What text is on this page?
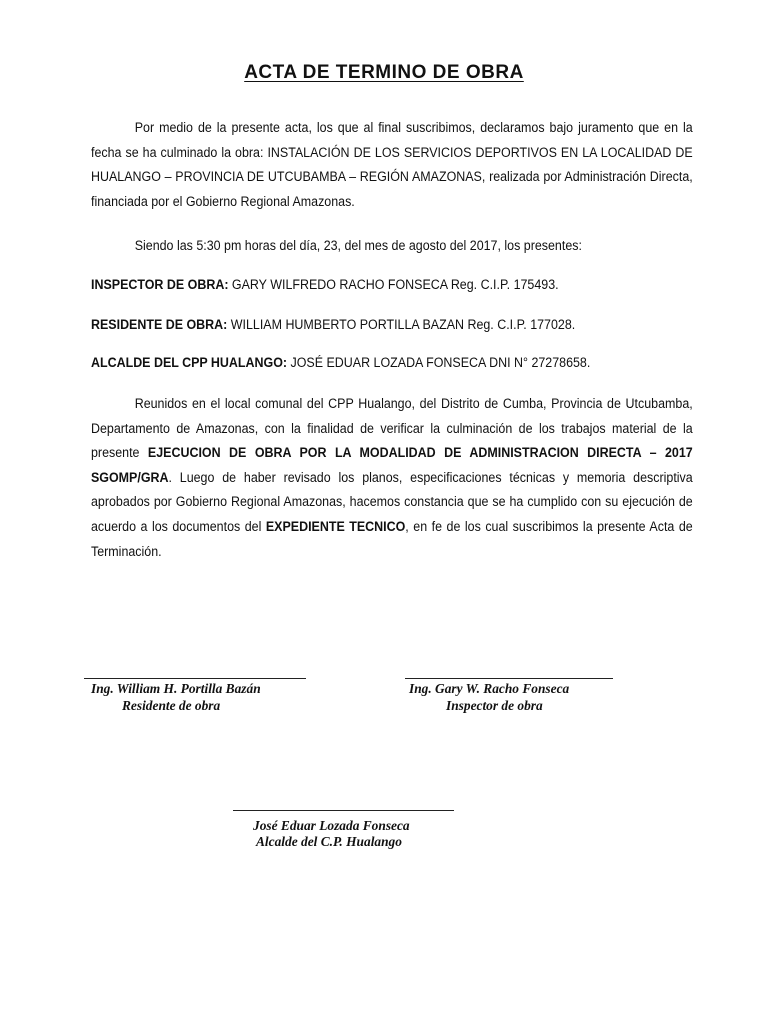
ACTA DE TERMINO DE OBRA

Por medio de la presente acta, los que al final suscribimos, declaramos bajo juramento que en la fecha se ha culminado la obra: INSTALACIÓN DE LOS SERVICIOS DEPORTIVOS EN LA LOCALIDAD DE HUALANGO – PROVINCIA DE UTCUBAMBA – REGIÓN AMAZONAS, realizada por Administración Directa, financiada por el Gobierno Regional Amazonas.

Siendo las 5:30 pm horas del día, 23, del mes de agosto del 2017, los presentes:

INSPECTOR DE OBRA: GARY WILFREDO RACHO FONSECA Reg. C.I.P. 175493.
RESIDENTE DE OBRA: WILLIAM HUMBERTO PORTILLA BAZAN Reg. C.I.P. 177028.
ALCALDE DEL CPP HUALANGO: JOSÉ EDUAR LOZADA FONSECA DNI N° 27278658.

Reunidos en el local comunal del CPP Hualango, del Distrito de Cumba, Provincia de Utcubamba, Departamento de Amazonas, con la finalidad de verificar la culminación de los trabajos material de la presente EJECUCION DE OBRA POR LA MODALIDAD DE ADMINISTRACION DIRECTA – 2017 SGOMP/GRA. Luego de haber revisado los planos, especificaciones técnicas y memoria descriptiva aprobados por Gobierno Regional Amazonas, hacemos constancia que se ha cumplido con su ejecución de acuerdo a los documentos del EXPEDIENTE TECNICO, en fe de los cual suscribimos la presente Acta de Terminación.

Ing. William H. Portilla Bazán
Residente de obra
Ing. Gary W. Racho Fonseca
Inspector de obra
José Eduar Lozada Fonseca
Alcalde del C.P. Hualango
